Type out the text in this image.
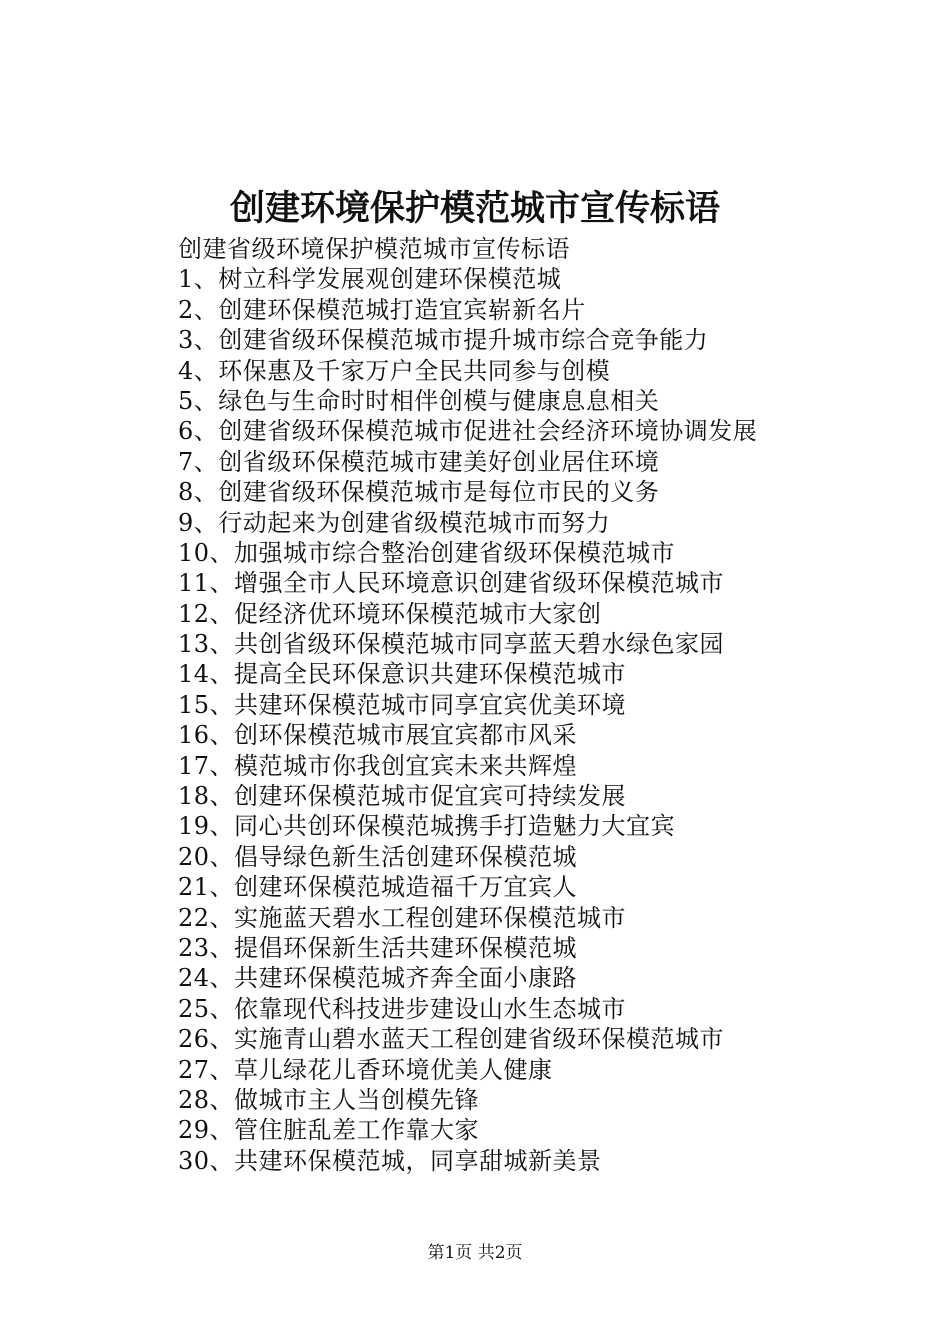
创建环境保护模范城市宣传标语
创建省级环境保护模范城市宣传标语
1、树立科学发展观创建环保模范城
2、创建环保模范城打造宜宾崭新名片
3、创建省级环保模范城市提升城市综合竞争能力
4、环保惠及千家万户全民共同参与创模
5、绿色与生命时时相伴创模与健康息息相关
6、创建省级环保模范城市促进社会经济环境协调发展
7、创省级环保模范城市建美好创业居住环境
8、创建省级环保模范城市是每位市民的义务
9、行动起来为创建省级模范城市而努力
10、加强城市综合整治创建省级环保模范城市
11、增强全市人民环境意识创建省级环保模范城市
12、促经济优环境环保模范城市大家创
13、共创省级环保模范城市同享蓝天碧水绿色家园
14、提高全民环保意识共建环保模范城市
15、共建环保模范城市同享宜宾优美环境
16、创环保模范城市展宜宾都市风采
17、模范城市你我创宜宾未来共辉煌
18、创建环保模范城市促宜宾可持续发展
19、同心共创环保模范城携手打造魅力大宜宾
20、倡导绿色新生活创建环保模范城
21、创建环保模范城造福千万宜宾人
22、实施蓝天碧水工程创建环保模范城市
23、提倡环保新生活共建环保模范城
24、共建环保模范城齐奔全面小康路
25、依靠现代科技进步建设山水生态城市
26、实施青山碧水蓝天工程创建省级环保模范城市
27、草儿绿花儿香环境优美人健康
28、做城市主人当创模先锋
29、管住脏乱差工作靠大家
30、共建环保模范城，同享甜城新美景
第1页 共2页
